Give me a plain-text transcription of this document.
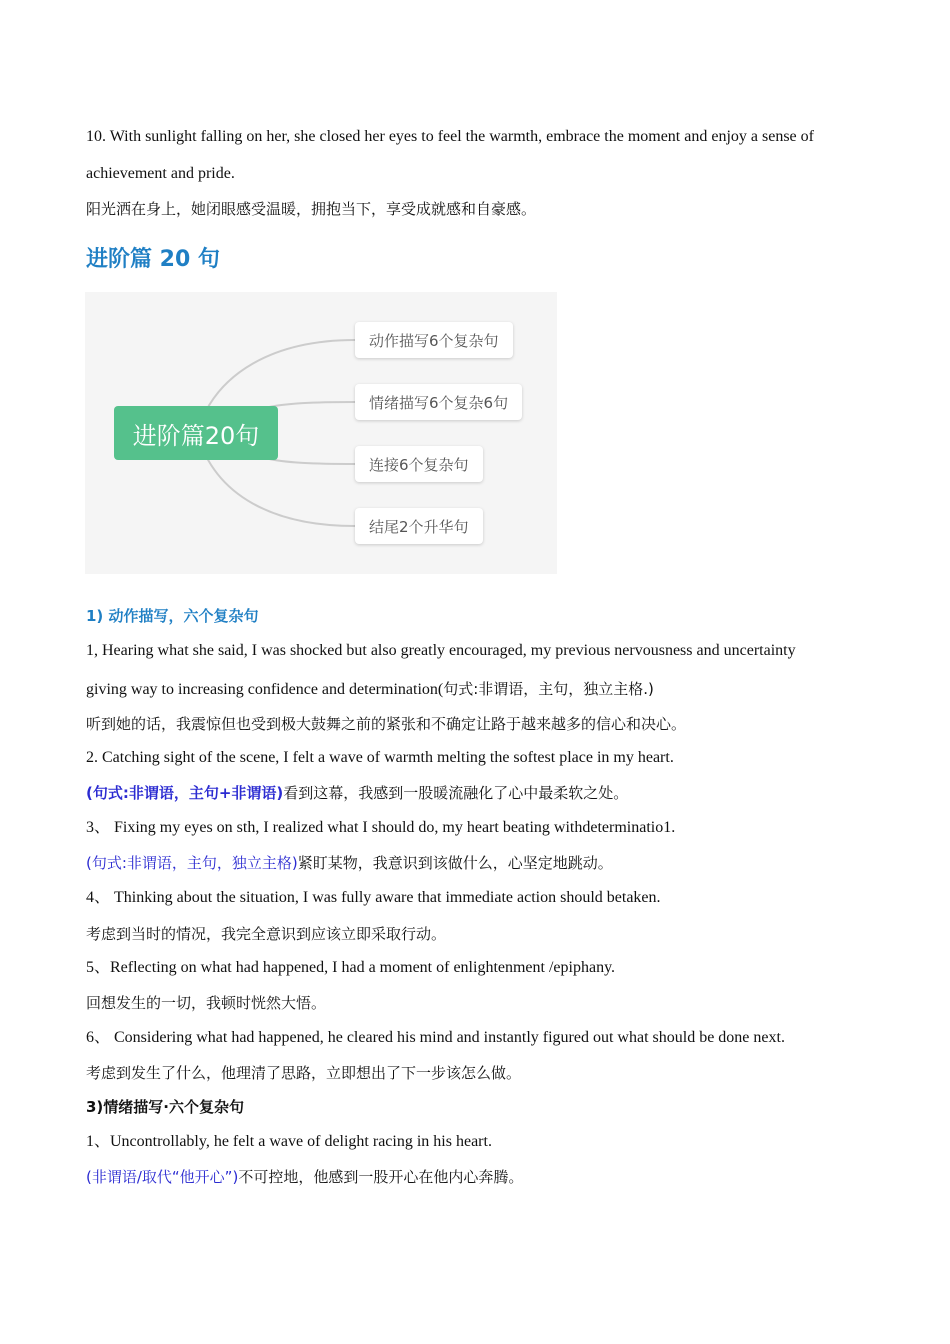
10. With sunlight falling on her, she closed her eyes to feel the warmth, embrace the moment and enjoy a sense of
achievement and pride.
阳光洒在身上，她闭眼感受温暖，拥抱当下，享受成就感和自豪感。
进阶篇 20 句
进阶篇20句
动作描写6个复杂句
情绪描写6个复杂6句
连接6个复杂句
结尾2个升华句
1) 动作描写，六个复杂句
1, Hearing what she said, I was shocked but also greatly encouraged, my previous nervousness and uncertainty
giving way to increasing confidence and determination(句式:非谓语，主句，独立主格.)
听到她的话，我震惊但也受到极大鼓舞之前的紧张和不确定让路于越来越多的信心和决心。
2. Catching sight of the scene, I felt a wave of warmth melting the softest place in my heart.
(句式:非谓语，主句+非谓语)看到这幕，我感到一股暖流融化了心中最柔软之处。
3、 Fixing my eyes on sth, I realized what I should do, my heart beating withdeterminatio1.
(句式:非谓语，主句，独立主格)紧盯某物，我意识到该做什么，心坚定地跳动。
4、 Thinking about the situation, I was fully aware that immediate action should betaken.
考虑到当时的情况，我完全意识到应该立即采取行动。
5、Reflecting on what had happened, I had a moment of enlightenment /epiphany.
回想发生的一切，我顿时恍然大悟。
6、 Considering what had happened, he cleared his mind and instantly figured out what should be done next.
考虑到发生了什么，他理清了思路，立即想出了下一步该怎么做。
3)情绪描写·六个复杂句
1、Uncontrollably, he felt a wave of delight racing in his heart.
(非谓语/取代“他开心”)不可控地，他感到一股开心在他内心奔腾。
